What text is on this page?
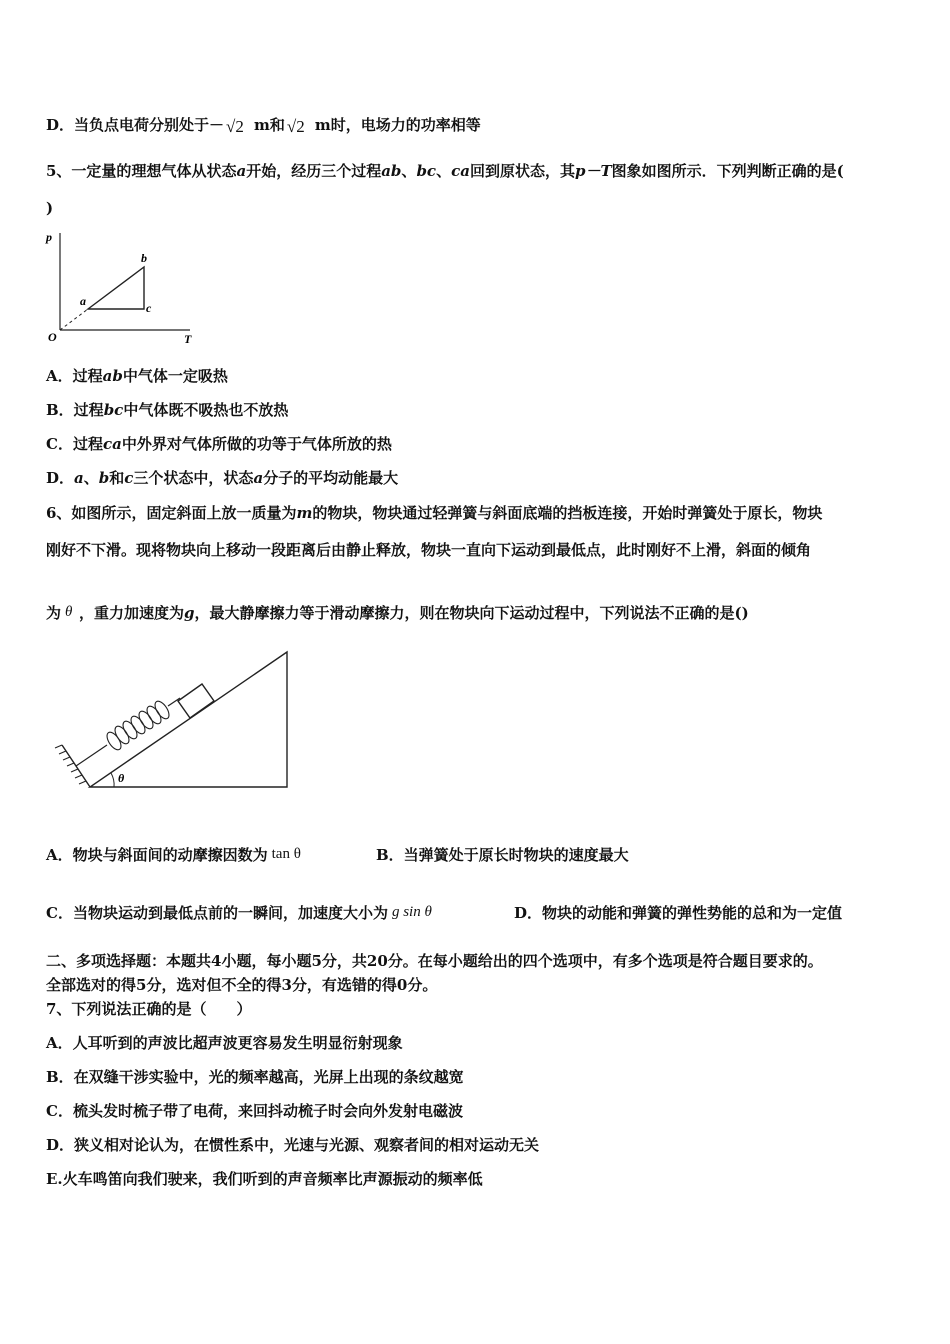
D．当负点电荷分别处于－ √2 m和 √2 m时，电场力的功率相等
5、一定量的理想气体从状态a开始，经历三个过程ab、bc、ca回到原状态，其p－T图象如图所示．下列判断正确的是(
)
p
T
O
a
b
c
A．过程ab中气体一定吸热
B．过程bc中气体既不吸热也不放热
C．过程ca中外界对气体所做的功等于气体所放的热
D．a、b和c三个状态中，状态a分子的平均动能最大
6、如图所示，固定斜面上放一质量为m的物块，物块通过轻弹簧与斜面底端的挡板连接，开始时弹簧处于原长，物块
刚好不下滑。现将物块向上移动一段距离后由静止释放，物块一直向下运动到最低点，此时刚好不上滑，斜面的倾角
为 θ ，重力加速度为g，最大静摩擦力等于滑动摩擦力，则在物块向下运动过程中，下列说法不正确的是()
θ
A．物块与斜面间的动摩擦因数为 tan θ	B．当弹簧处于原长时物块的速度最大
C．当物块运动到最低点前的一瞬间，加速度大小为 g sin θ	D．物块的动能和弹簧的弹性势能的总和为一定值
二、多项选择题：本题共4小题，每小题5分，共20分。在每小题给出的四个选项中，有多个选项是符合题目要求的。
全部选对的得5分，选对但不全的得3分，有选错的得0分。
7、下列说法正确的是（　　）
A．人耳听到的声波比超声波更容易发生明显衍射现象
B．在双缝干涉实验中，光的频率越高，光屏上出现的条纹越宽
C．梳头发时梳子带了电荷，来回抖动梳子时会向外发射电磁波
D．狭义相对论认为，在惯性系中，光速与光源、观察者间的相对运动无关
E.火车鸣笛向我们驶来，我们听到的声音频率比声源振动的频率低
